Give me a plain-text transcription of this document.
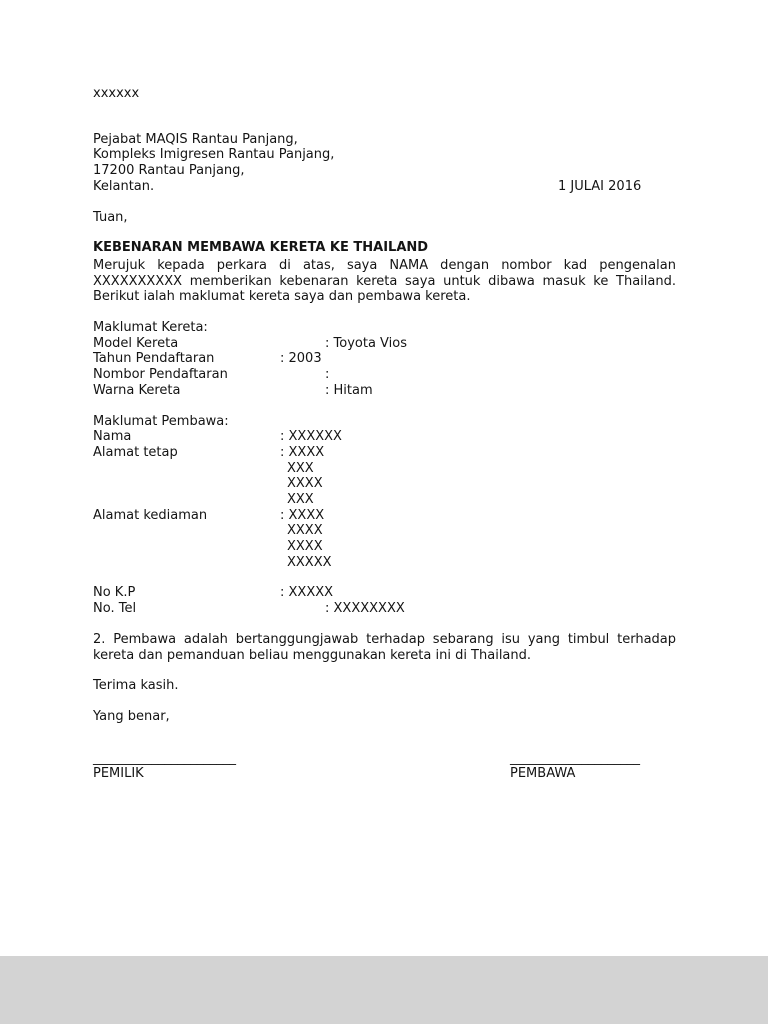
xxxxxx
Pejabat MAQIS Rantau Panjang,
Kompleks Imigresen Rantau Panjang,
17200 Rantau Panjang,
Kelantan.	1 JULAI 2016
Tuan,
KEBENARAN MEMBAWA KERETA KE THAILAND
Merujuk kepada perkara di atas, saya NAMA dengan nombor kad pengenalan XXXXXXXXXX memberikan kebenaran kereta saya untuk dibawa masuk ke Thailand. Berikut ialah maklumat kereta saya dan pembawa kereta.
Maklumat Kereta:
Model Kereta	: Toyota Vios
Tahun Pendaftaran	: 2003
Nombor Pendaftaran	:
Warna Kereta	: Hitam
Maklumat Pembawa:
Nama	: XXXXXX
Alamat tetap	: XXXX
XXX
XXXX
XXX
Alamat kediaman	: XXXX
XXXX
XXXX
XXXXX
No K.P	: XXXXX
No. Tel	: XXXXXXXX
2. Pembawa adalah bertanggungjawab terhadap sebarang isu yang timbul terhadap kereta dan pemanduan beliau menggunakan kereta ini di Thailand.
Terima kasih.
Yang benar,
______________________
PEMILIK
____________________
PEMBAWA
